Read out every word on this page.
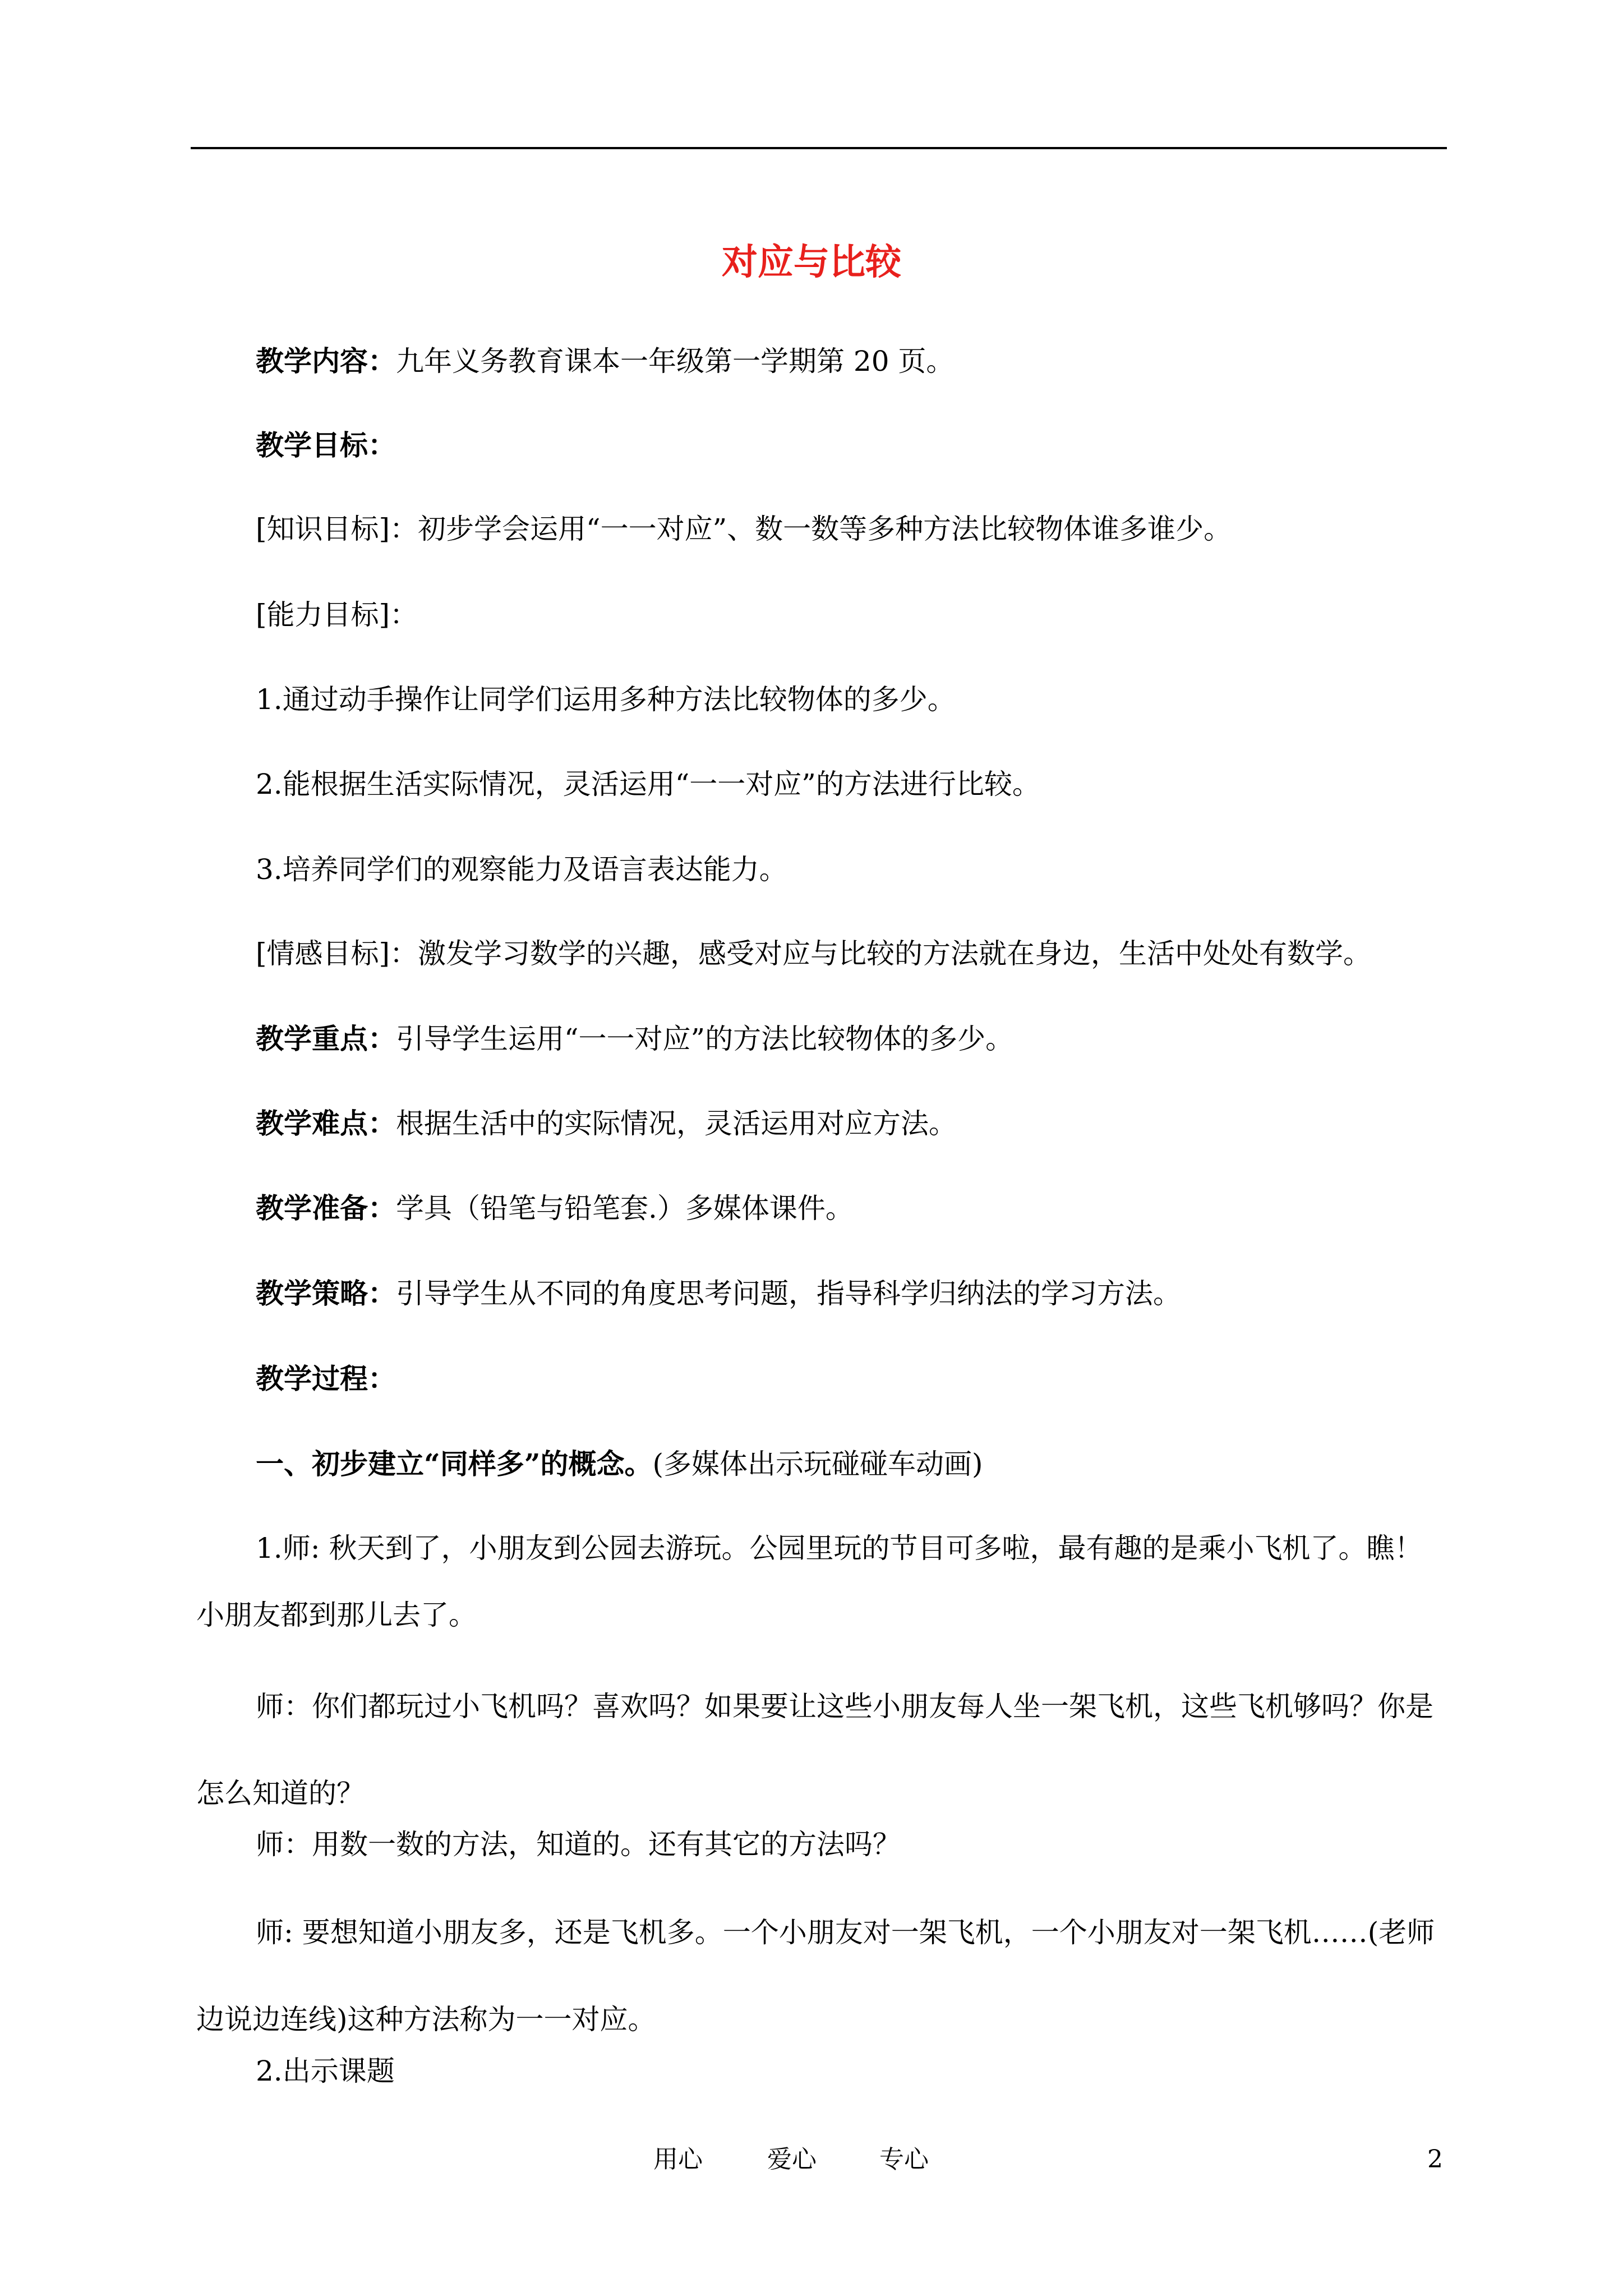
对应与比较

教学内容：九年义务教育课本一年级第一学期第 20 页。

教学目标：

[知识目标]：初步学会运用“一一对应”、数一数等多种方法比较物体谁多谁少。

[能力目标]：

1.通过动手操作让同学们运用多种方法比较物体的多少。

2.能根据生活实际情况，灵活运用“一一对应”的方法进行比较。

3.培养同学们的观察能力及语言表达能力。

[情感目标]：激发学习数学的兴趣，感受对应与比较的方法就在身边，生活中处处有数学。

教学重点：引导学生运用“一一对应”的方法比较物体的多少。

教学难点：根据生活中的实际情况，灵活运用对应方法。

教学准备：学具（铅笔与铅笔套.）多媒体课件。

教学策略：引导学生从不同的角度思考问题，指导科学归纳法的学习方法。

教学过程：

一、初步建立“同样多”的概念。(多媒体出示玩碰碰车动画)

1.师: 秋天到了，小朋友到公园去游玩。公园里玩的节目可多啦，最有趣的是乘小飞机了。瞧！

小朋友都到那儿去了。

师：你们都玩过小飞机吗？喜欢吗？如果要让这些小朋友每人坐一架飞机，这些飞机够吗？你是怎么知道的？

师：用数一数的方法，知道的。还有其它的方法吗？

师: 要想知道小朋友多，还是飞机多。一个小朋友对一架飞机，一个小朋友对一架飞机……(老师边说边连线)这种方法称为一一对应。

2.出示课题

用心	爱心	专心	2
